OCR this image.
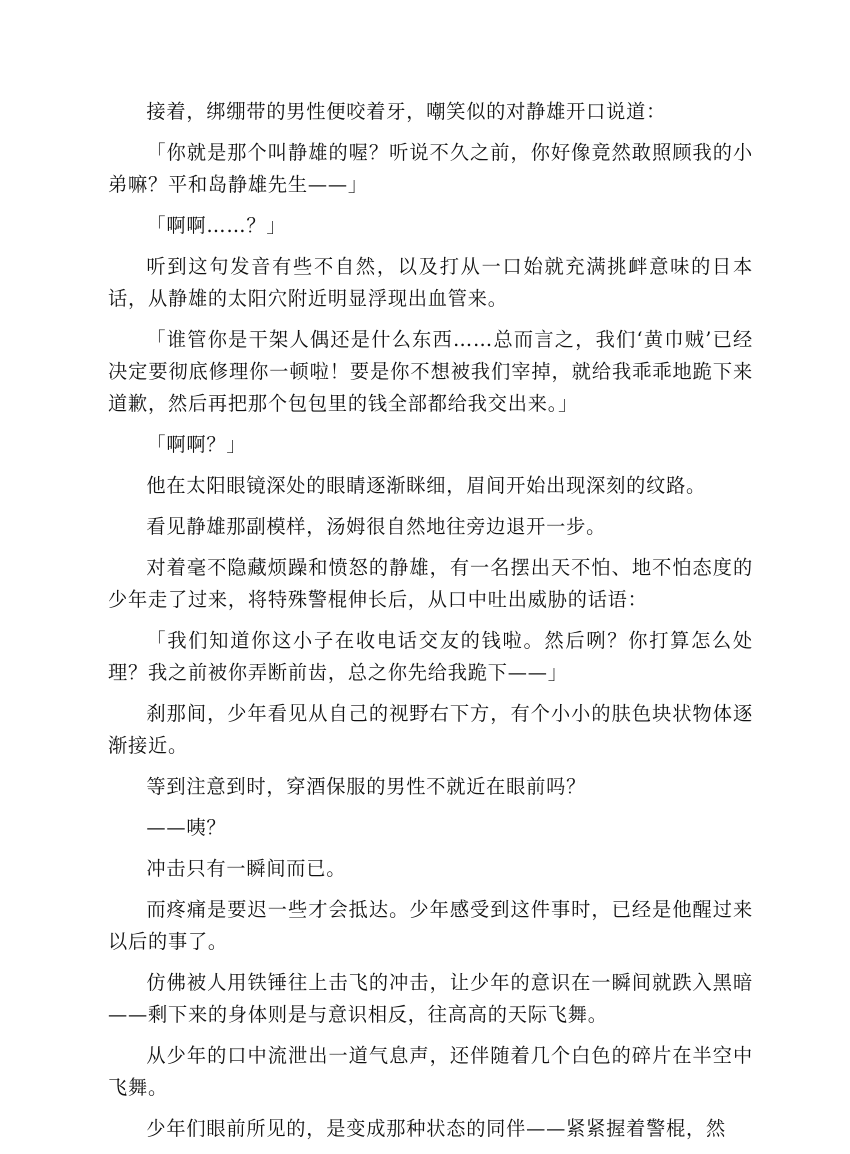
接着，绑绷带的男性便咬着牙，嘲笑似的对静雄开口说道：

「你就是那个叫静雄的喔？听说不久之前，你好像竟然敢照顾我的小弟嘛？平和岛静雄先生——」

「啊啊……？」

听到这句发音有些不自然，以及打从一口始就充满挑衅意味的日本话，从静雄的太阳穴附近明显浮现出血管来。

「谁管你是干架人偶还是什么东西……总而言之，我们‘黄巾贼’已经决定要彻底修理你一顿啦！要是你不想被我们宰掉，就给我乖乖地跪下来道歉，然后再把那个包包里的钱全部都给我交出来。」

「啊啊？」

他在太阳眼镜深处的眼睛逐渐眯细，眉间开始出现深刻的纹路。

看见静雄那副模样，汤姆很自然地往旁边退开一步。

对着毫不隐藏烦躁和愤怒的静雄，有一名摆出天不怕、地不怕态度的少年走了过来，将特殊警棍伸长后，从口中吐出威胁的话语：

「我们知道你这小子在收电话交友的钱啦。然后咧？你打算怎么处理？我之前被你弄断前齿，总之你先给我跪下——」

刹那间，少年看见从自己的视野右下方，有个小小的肤色块状物体逐渐接近。

等到注意到时，穿酒保服的男性不就近在眼前吗？

——咦？

冲击只有一瞬间而已。

而疼痛是要迟一些才会抵达。少年感受到这件事时，已经是他醒过来以后的事了。

仿佛被人用铁锤往上击飞的冲击，让少年的意识在一瞬间就跌入黑暗——剩下来的身体则是与意识相反，往高高的天际飞舞。

从少年的口中流泄出一道气息声，还伴随着几个白色的碎片在半空中飞舞。

少年们眼前所见的，是变成那种状态的同伴——紧紧握着警棍，然
